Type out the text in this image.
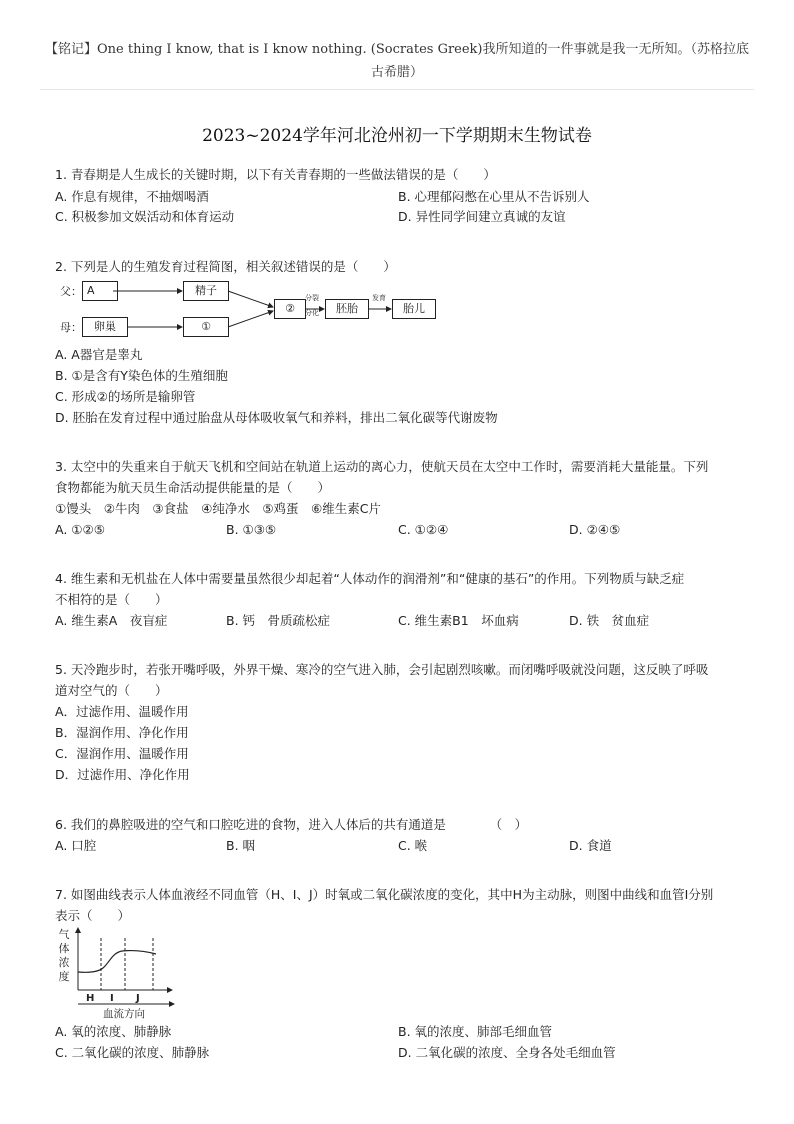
【铭记】One thing I know, that is I know nothing. (Socrates Greek)我所知道的一件事就是我一无所知。（苏格拉底古希腊）
2023~2024学年河北沧州初一下学期期末生物试卷
1. 青春期是人生成长的关键时期，以下有关青春期的一些做法错误的是（　　）
A. 作息有规律，不抽烟喝酒	B. 心理郁闷憋在心里从不告诉别人
C. 积极参加文娱活动和体育运动	D. 异性同学间建立真诚的友谊
2. 下列是人的生殖发育过程简图，相关叙述错误的是（　　）
父：
母：
A	精子
卵巢	①
②	胚胎	胎儿
分裂
分化
发育
A. A器官是睾丸
B. ①是含有Y染色体的生殖细胞
C. 形成②的场所是输卵管
D. 胚胎在发育过程中通过胎盘从母体吸收氧气和养料，排出二氧化碳等代谢废物
3. 太空中的失重来自于航天飞机和空间站在轨道上运动的离心力，使航天员在太空中工作时，需要消耗大量能量。下列
食物都能为航天员生命活动提供能量的是（　　）
①馒头　②牛肉　③食盐　④纯净水　⑤鸡蛋　⑥维生素C片
A. ①②⑤	B. ①③⑤	C. ①②④	D. ②④⑤
4. 维生素和无机盐在人体中需要量虽然很少却起着“人体动作的润滑剂”和“健康的基石”的作用。下列物质与缺乏症
不相符的是（　　）
A. 维生素A　夜盲症	B. 钙　骨质疏松症	C. 维生素B1　坏血病	D. 铁　贫血症
5. 天冷跑步时，若张开嘴呼吸，外界干燥、寒冷的空气进入肺，会引起剧烈咳嗽。而闭嘴呼吸就没问题，这反映了呼吸
道对空气的（　　）
A．过滤作用、温暖作用
B．湿润作用、净化作用
C．湿润作用、温暖作用
D．过滤作用、净化作用
6. 我们的鼻腔吸进的空气和口腔吃进的食物，进入人体后的共有通道是　　　　（　）
A. 口腔	B. 咽	C. 喉	D. 食道
7. 如图曲线表示人体血液经不同血管（H、I、J）时氧或二氧化碳浓度的变化，其中H为主动脉，则图中曲线和血管I分别
表示（　　）
气
体
浓
度
H I J
血流方向
A. 氧的浓度、肺静脉	B. 氧的浓度、肺部毛细血管
C. 二氧化碳的浓度、肺静脉	D. 二氧化碳的浓度、全身各处毛细血管
